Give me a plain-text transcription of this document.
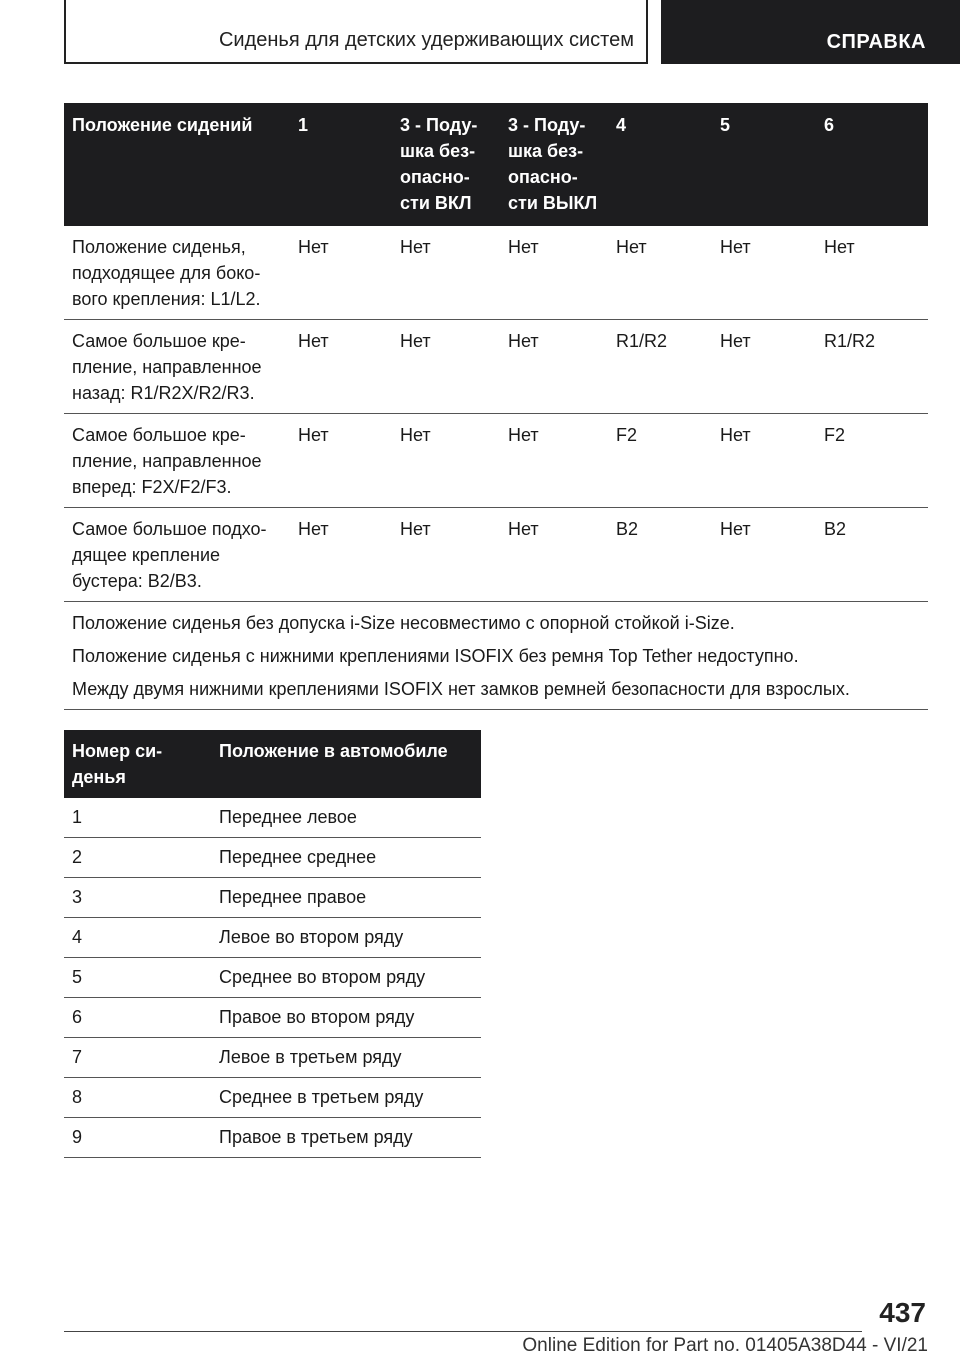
Сиденья для детских удерживающих систем	СПРАВКА
Положение сидений	1	3 - Поду-шка без-опасно-сти ВКЛ	3 - Поду-шка без-опасно-сти ВЫКЛ	4	5	6
Положение сиденья, подходящее для боко-вого крепления: L1/L2.	Нет	Нет	Нет	Нет	Нет	Нет
Самое большое кре-пление, направленное назад: R1/R2X/R2/R3.	Нет	Нет	Нет	R1/R2	Нет	R1/R2
Самое большое кре-пление, направленное вперед: F2X/F2/F3.	Нет	Нет	Нет	F2	Нет	F2
Самое большое подхо-дящее крепление бустера: B2/B3.	Нет	Нет	Нет	B2	Нет	B2

Положение сиденья без допуска i-Size несовместимо с опорной стойкой i-Size.
Положение сиденья с нижними креплениями ISOFIX без ремня Top Tether недоступно.
Между двумя нижними креплениями ISOFIX нет замков ремней безопасности для взрослых.						
Номер си-денья	Положение в автомобиле
1	Переднее левое
2	Переднее среднее
3	Переднее правое
4	Левое во втором ряду
5	Среднее во втором ряду
6	Правое во втором ряду
7	Левое в третьем ряду
8	Среднее в третьем ряду
9	Правое в третьем ряду
437
Online Edition for Part no. 01405A38D44 - VI/21
